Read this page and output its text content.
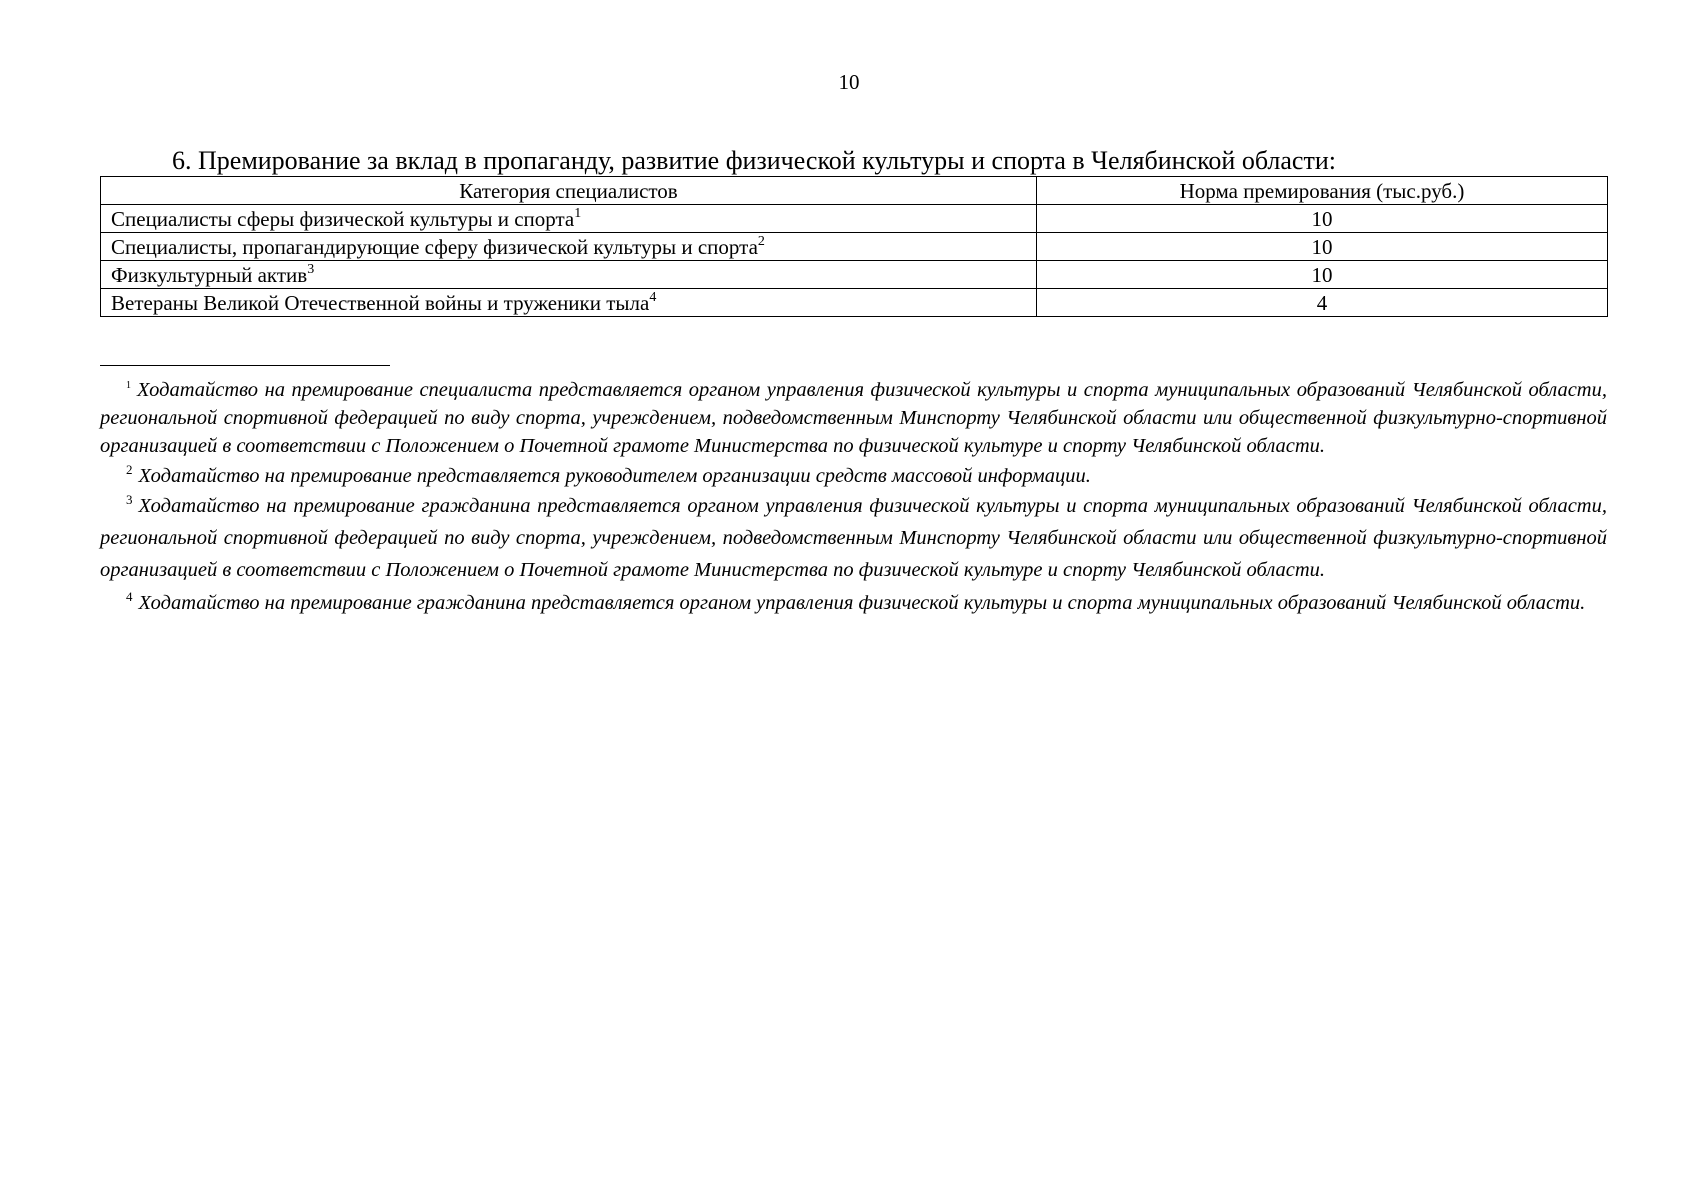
10
6. Премирование за вклад в пропаганду, развитие физической культуры и спорта в Челябинской области:
Категория специалистов	Норма премирования (тыс.руб.)
Специалисты сферы физической культуры и спорта$^1$	10
Специалисты, пропагандирующие сферу физической культуры и спорта$^2$	10
Физкультурный актив$^3$	10
Ветераны Великой Отечественной войны и труженики тыла$^4$	4

$^1$ Ходатайство на премирование специалиста представляется органом управления физической культуры и спорта муниципальных образований Челябинской области, региональной спортивной федерацией по виду спорта, учреждением, подведомственным Минспорту Челябинской области или общественной физкультурно-спортивной организацией в соответствии с Положением о Почетной грамоте Министерства по физической культуре и спорту Челябинской области.

$^2$ Ходатайство на премирование представляется руководителем организации средств массовой информации.

$^3$ Ходатайство на премирование гражданина представляется органом управления физической культуры и спорта муниципальных образований Челябинской области, региональной спортивной федерацией по виду спорта, учреждением, подведомственным Минспорту Челябинской области или общественной физкультурно-спортивной организацией в соответствии с Положением о Почетной грамоте Министерства по физической культуре и спорту Челябинской области.

$^4$ Ходатайство на премирование гражданина представляется органом управления физической культуры и спорта муниципальных образований Челябинской области.
